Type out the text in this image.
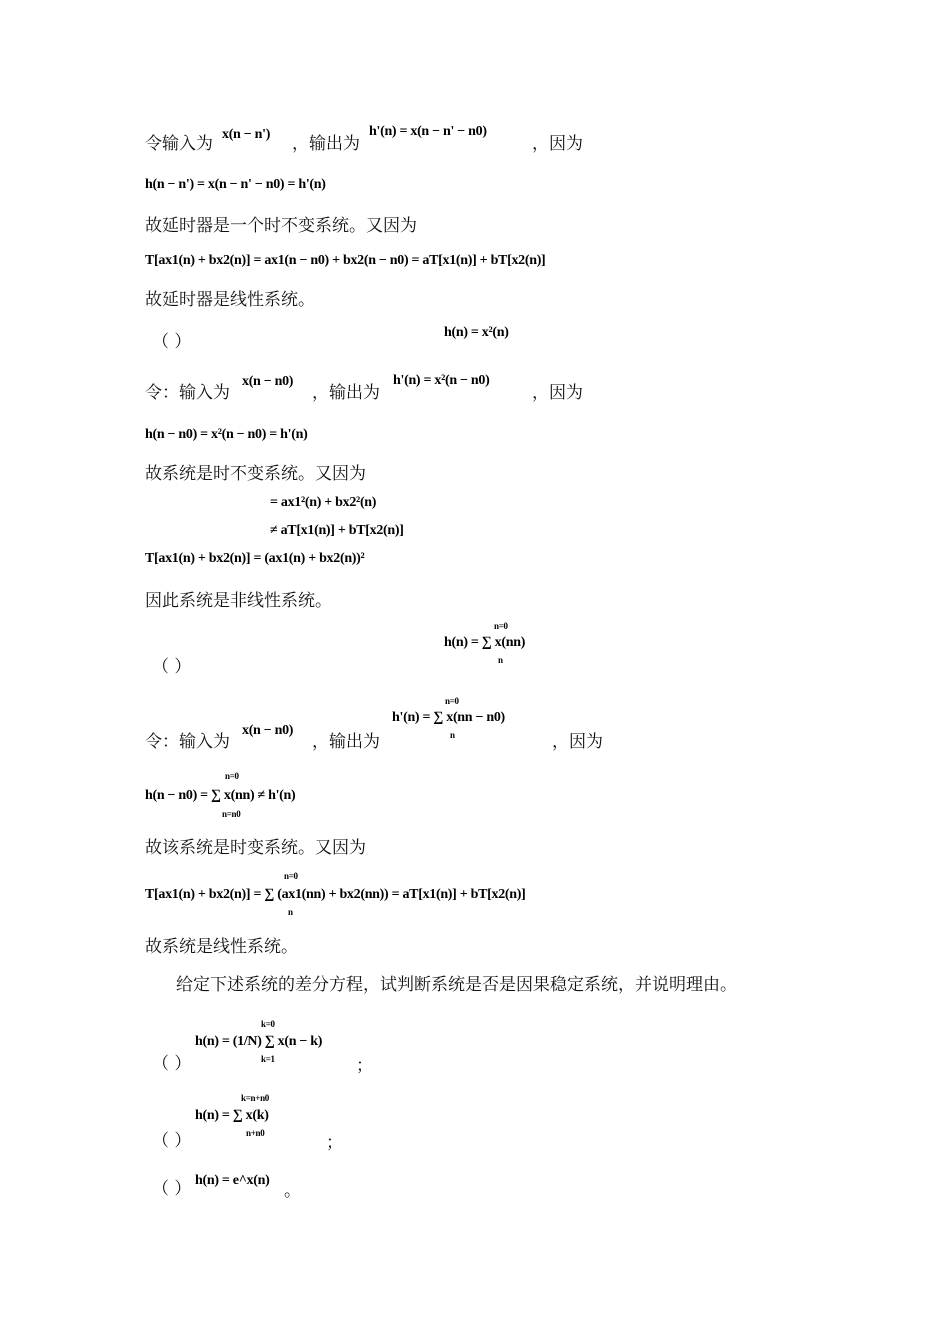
令输入为 x(n − n') ，输出为
h'(n) = x(n − n' − n0)
，因为
h(n − n') = x(n − n' − n0) = h'(n)
故延时器是一个时不变系统。又因为
T[ax1(n) + bx2(n)] = ax1(n − n0) + bx2(n − n0) = aT[x1(n)] + bT[x2(n)]
故延时器是线性系统。
（ ）	h(n) = x²(n)
令：输入为
x(n − n0)
，输出为
h'(n) = x²(n − n0)
，因为
h(n − n0) = x²(n − n0) = h'(n)
故系统是时不变系统。又因为
= ax1²(n) + bx2²(n)
≠ aT[x1(n)] + bT[x2(n)]
T[ax1(n) + bx2(n)] = (ax1(n) + bx2(n))²
因此系统是非线性系统。
（ ）
n=0
h(n) = ∑ x(nn)
n
令：输入为
x(n − n0)
，输出为
n=0
h'(n) = ∑ x(nn − n0)
n	，因为
n=0
h(n − n0) = ∑ x(nn) ≠ h'(n)
n=n0
故该系统是时变系统。又因为
n=0
T[ax1(n) + bx2(n)] = ∑ (ax1(nn) + bx2(nn)) = aT[x1(n)] + bT[x2(n)]
n
故系统是线性系统。
给定下述系统的差分方程，试判断系统是否是因果稳定系统，并说明理由。
k=0
h(n) = (1/N) ∑ x(n − k)
k=1
（ ）	；
k=n+n0
h(n) = ∑ x(k)
n+n0
（ ）	；
（ ） h(n) = e^x(n)
。
